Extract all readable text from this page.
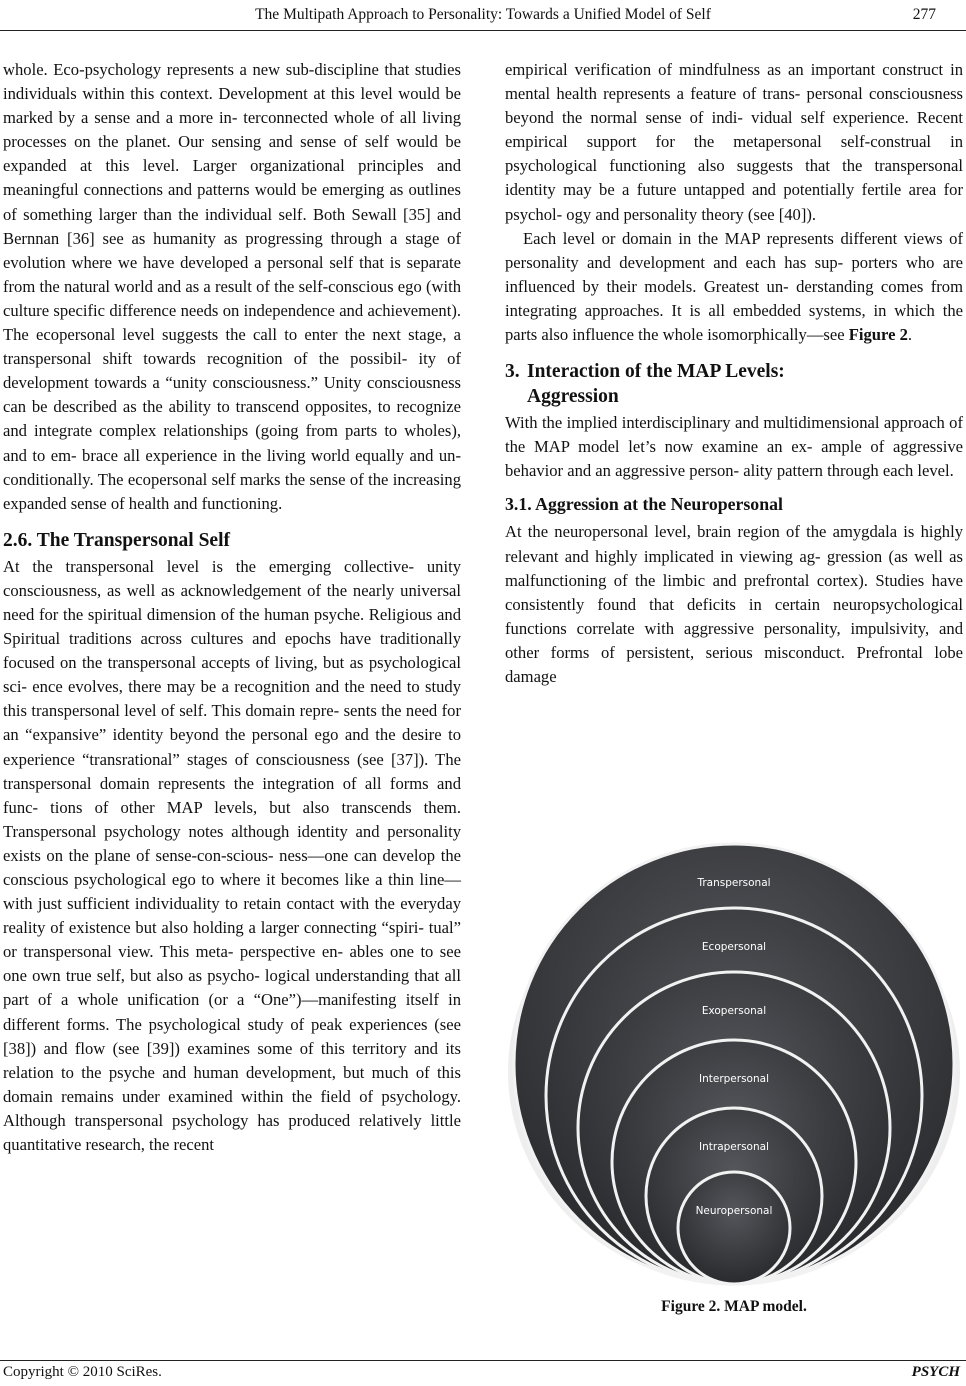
The Multipath Approach to Personality: Towards a Unified Model of Self	277

whole. Eco-psychology represents a new sub-discipline that studies individuals within this context. Development at this level would be marked by a sense and a more in- terconnected whole of all living processes on the planet. Our sensing and sense of self would be expanded at this level. Larger organizational principles and meaningful connections and patterns would be emerging as outlines of something larger than the individual self. Both Sewall [35] and Bernnan [36] see as humanity as progressing through a stage of evolution where we have developed a personal self that is separate from the natural world and as a result of the self-conscious ego (with culture specific difference needs on independence and achievement). The ecopersonal level suggests the call to enter the next stage, a transpersonal shift towards recognition of the possibil- ity of development towards a “unity consciousness.” Unity consciousness can be described as the ability to transcend opposites, to recognize and integrate complex relationships (going from parts to wholes), and to em- brace all experience in the living world equally and un- conditionally. The ecopersonal self marks the sense of the increasing expanded sense of health and functioning.

2.6. The Transpersonal Self

At the transpersonal level is the emerging collective- unity consciousness, as well as acknowledgement of the nearly universal need for the spiritual dimension of the human psyche. Religious and Spiritual traditions across cultures and epochs have traditionally focused on the transpersonal accepts of living, but as psychological sci- ence evolves, there may be a recognition and the need to study this transpersonal level of self. This domain repre- sents the need for an “expansive” identity beyond the personal ego and the desire to experience “transrational” stages of consciousness (see [37]). The transpersonal domain represents the integration of all forms and func- tions of other MAP levels, but also transcends them. Transpersonal psychology notes although identity and personality exists on the plane of sense-con-scious- ness—one can develop the conscious psychological ego to where it becomes like a thin line—with just sufficient individuality to retain contact with the everyday reality of existence but also holding a larger connecting “spiri- tual” or transpersonal view. This meta- perspective en- ables one to see one own true self, but also as psycho- logical understanding that all part of a whole unification (or a “One”)—manifesting itself in different forms. The psychological study of peak experiences (see [38]) and flow (see [39]) examines some of this territory and its relation to the psyche and human development, but much of this domain remains under examined within the field of psychology. Although transpersonal psychology has produced relatively little quantitative research, the recent

empirical verification of mindfulness as an important construct in mental health represents a feature of trans- personal consciousness beyond the normal sense of indi- vidual self experience. Recent empirical support for the metapersonal self-construal in psychological functioning also suggests that the transpersonal identity may be a future untapped and potentially fertile area for psychol- ogy and personality theory (see [40]).

Each level or domain in the MAP represents different views of personality and development and each has sup- porters who are influenced by their models. Greatest un- derstanding comes from integrating approaches. It is all embedded systems, in which the parts also influence the whole isomorphically—see Figure 2.

3. Interaction of the MAP Levels:
Aggression

With the implied interdisciplinary and multidimensional approach of the MAP model let’s now examine an ex- ample of aggressive behavior and an aggressive person- ality pattern through each level.

3.1. Aggression at the Neuropersonal

At the neuropersonal level, brain region of the amygdala is highly relevant and highly implicated in viewing ag- gression (as well as malfunctioning of the limbic and prefrontal cortex). Studies have consistently found that deficits in certain neuropsychological functions correlate with aggressive personality, impulsivity, and other forms of persistent, serious misconduct. Prefrontal lobe damage

Transpersonal
Ecopersonal
Exopersonal
Interpersonal
Intrapersonal
Neuropersonal
Figure 2. MAP model.
Copyright © 2010 SciRes.	PSYCH
